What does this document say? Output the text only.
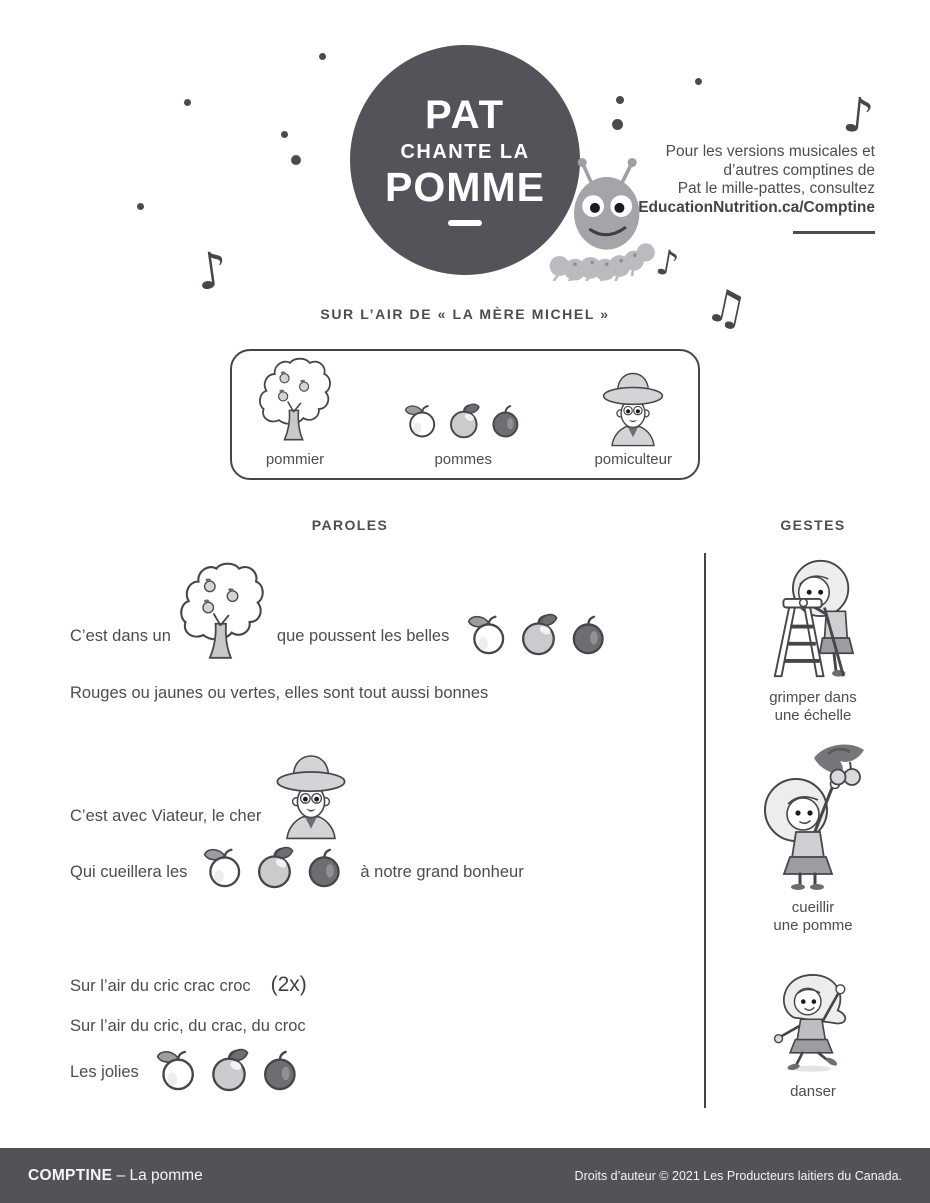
♪
♪
♪
♫
PAT
CHANTE LA
POMME
Pour les versions musicales et
d’autres comptines de
Pat le mille-pattes, consultez
EducationNutrition.ca/Comptine
SUR L’AIR DE « LA MÈRE MICHEL »
pommier	pommes	pomiculteur
PAROLES	GESTES
C’est dans un	que poussent les belles

Rouges ou jaunes ou vertes, elles sont tout aussi bonnes

C’est avec Viateur, le cher
Qui cueillera les	à notre grand bonheur
Sur l’air du cric crac croc (2x)

Sur l’air du cric, du crac, du croc

Les jolies
grimper dans
une échelle
cueillir
une pomme
danser
COMPTINE – La pomme	Droits d’auteur © 2021 Les Producteurs laitiers du Canada.
